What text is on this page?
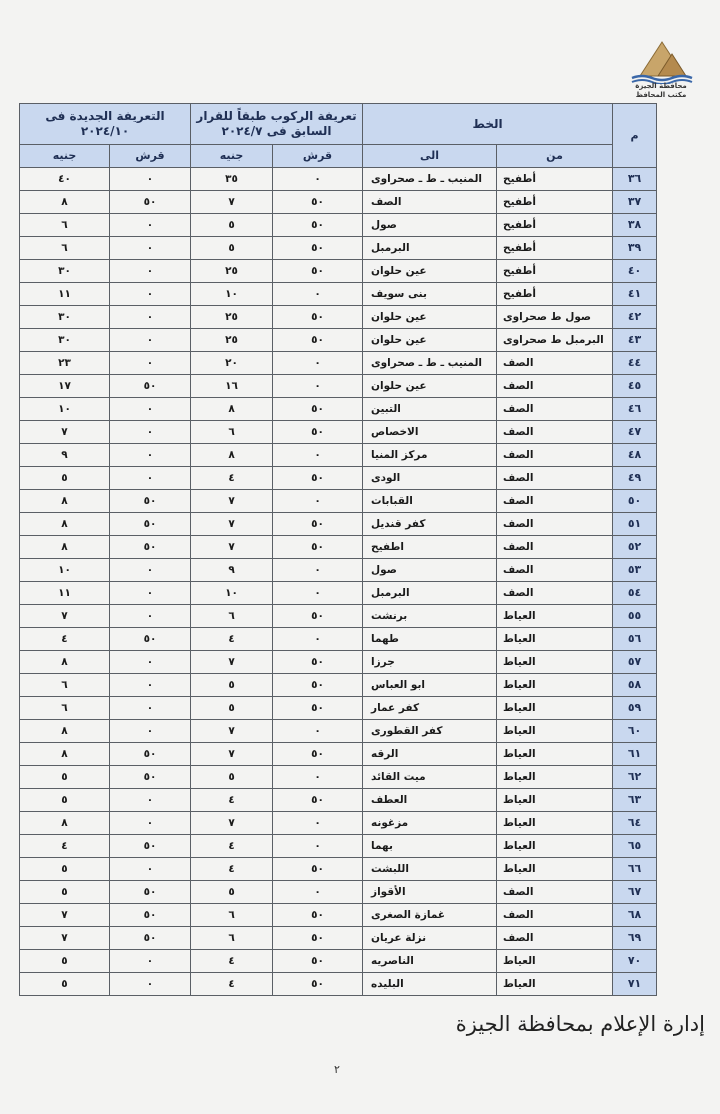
محافظة الجيزة
مكتب المحافظ
م	الخط		تعريفة الركوب طبقاً للقرار السابق فى ٢٠٢٤/٧		التعريفة الجديدة فى ٢٠٢٤/١٠	
	من	الى	قرش	جنيه	قرش	جنيه
٣٦	أطفيح	المنيب ـ ط ـ صحراوى	٠	٣٥	٠	٤٠
٣٧	أطفيح	الصف	٥٠	٧	٥٠	٨
٣٨	أطفيح	صول	٥٠	٥	٠	٦
٣٩	أطفيح	البرمبل	٥٠	٥	٠	٦
٤٠	أطفيح	عين حلوان	٥٠	٢٥	٠	٣٠
٤١	أطفيح	بنى سويف	٠	١٠	٠	١١
٤٢	صول ط صحراوى	عين حلوان	٥٠	٢٥	٠	٣٠
٤٣	البرمبل ط صحراوى	عين حلوان	٥٠	٢٥	٠	٣٠
٤٤	الصف	المنيب ـ ط ـ صحراوى	٠	٢٠	٠	٢٣
٤٥	الصف	عين حلوان	٠	١٦	٥٠	١٧
٤٦	الصف	التبين	٥٠	٨	٠	١٠
٤٧	الصف	الاخصاص	٥٠	٦	٠	٧
٤٨	الصف	مركز المنيا	٠	٨	٠	٩
٤٩	الصف	الودى	٥٠	٤	٠	٥
٥٠	الصف	القبابات	٠	٧	٥٠	٨
٥١	الصف	كفر قنديل	٥٠	٧	٥٠	٨
٥٢	الصف	اطفيح	٥٠	٧	٥٠	٨
٥٣	الصف	صول	٠	٩	٠	١٠
٥٤	الصف	البرمبل	٠	١٠	٠	١١
٥٥	العياط	برنشت	٥٠	٦	٠	٧
٥٦	العياط	طهما	٠	٤	٥٠	٤
٥٧	العياط	جرزا	٥٠	٧	٠	٨
٥٨	العياط	ابو العباس	٥٠	٥	٠	٦
٥٩	العياط	كفر عمار	٥٠	٥	٠	٦
٦٠	العياط	كفر القطورى	٠	٧	٠	٨
٦١	العياط	الرقه	٥٠	٧	٥٠	٨
٦٢	العياط	ميت القائد	٠	٥	٥٠	٥
٦٣	العياط	العطف	٥٠	٤	٠	٥
٦٤	العياط	مزغونه	٠	٧	٠	٨
٦٥	العياط	بهما	٠	٤	٥٠	٤
٦٦	العياط	اللبشت	٥٠	٤	٠	٥
٦٧	الصف	الأقواز	٠	٥	٥٠	٥
٦٨	الصف	غمازة الصغرى	٥٠	٦	٥٠	٧
٦٩	الصف	نزلة عريان	٥٠	٦	٥٠	٧
٧٠	العياط	الناصريه	٥٠	٤	٠	٥
٧١	العياط	البليده	٥٠	٤	٠	٥
إدارة الإعلام بمحافظة الجيزة
٢
